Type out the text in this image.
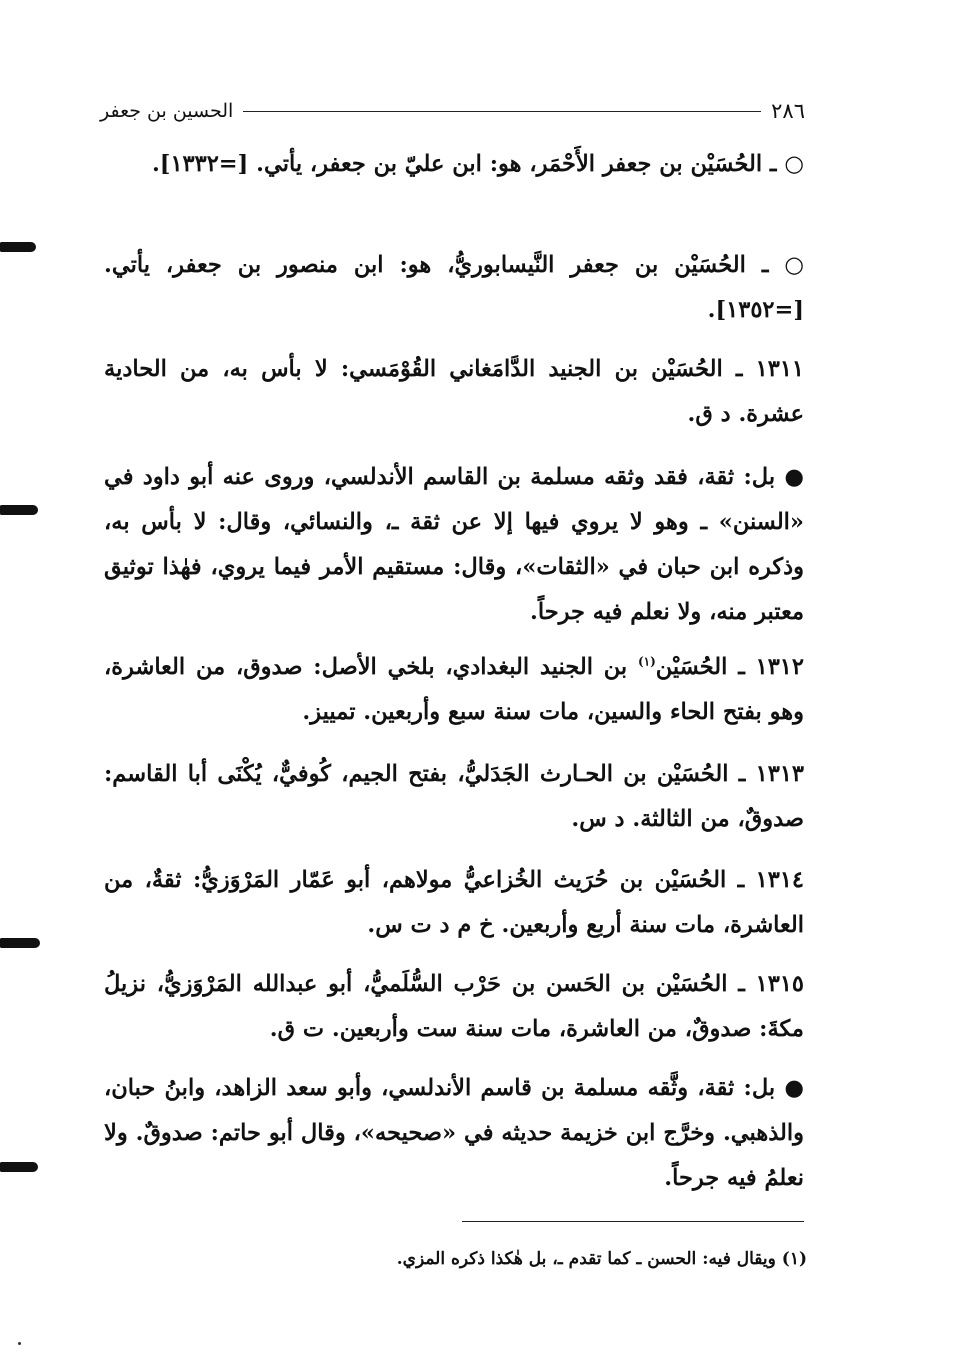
الحسين بن جعفر	٢٨٦
○ ـ الحُسَيْن بن جعفر الأَحْمَر، هو: ابن عليّ بن جعفر، يأتي. [=١٣٣٢].
○ ـ الحُسَيْن بن جعفر النَّيسابوريُّ، هو: ابن منصور بن جعفر، يأتي. [=١٣٥٢].
١٣١١ ـ الحُسَيْن بن الجنيد الدَّامَغاني القُوْمَسي: لا بأس به، من الحادية عشرة. د ق.
● بل: ثقة، فقد وثقه مسلمة بن القاسم الأندلسي، وروى عنه أبو داود في «السنن» ـ وهو لا يروي فيها إلا عن ثقة ـ، والنسائي، وقال: لا بأس به، وذكره ابن حبان في «الثقات»، وقال: مستقيم الأمر فيما يروي، فهٰذا توثيق معتبر منه، ولا نعلم فيه جرحاً.
١٣١٢ ـ الحُسَيْن$^{(١)}$ بن الجنيد البغدادي، بلخي الأصل: صدوق، من العاشرة، وهو بفتح الحاء والسين، مات سنة سبع وأربعين. تمييز.
١٣١٣ ـ الحُسَيْن بن الحـارث الجَدَليُّ، بفتح الجيم، كُوفيٌّ، يُكْنَى أبا القاسم: صدوقٌ، من الثالثة. د س.
١٣١٤ ـ الحُسَيْن بن حُرَيث الخُزاعيُّ مولاهم، أبو عَمّار المَرْوَزيُّ: ثقةٌ، من العاشرة، مات سنة أربع وأربعين. خ م د ت س.
١٣١٥ ـ الحُسَيْن بن الحَسن بن حَرْب السُّلَميُّ، أبو عبدالله المَرْوَزيُّ، نزيلُ مكةَ: صدوقٌ، من العاشرة، مات سنة ست وأربعين. ت ق.
● بل: ثقة، وثَّقه مسلمة بن قاسم الأندلسي، وأبو سعد الزاهد، وابنُ حبان، والذهبي. وخرَّج ابن خزيمة حديثه في «صحيحه»، وقال أبو حاتم: صدوقٌ. ولا نعلمُ فيه جرحاً.
(١) ويقال فيه: الحسن ـ كما تقدم ـ، بل هٰكذا ذكره المزي.
